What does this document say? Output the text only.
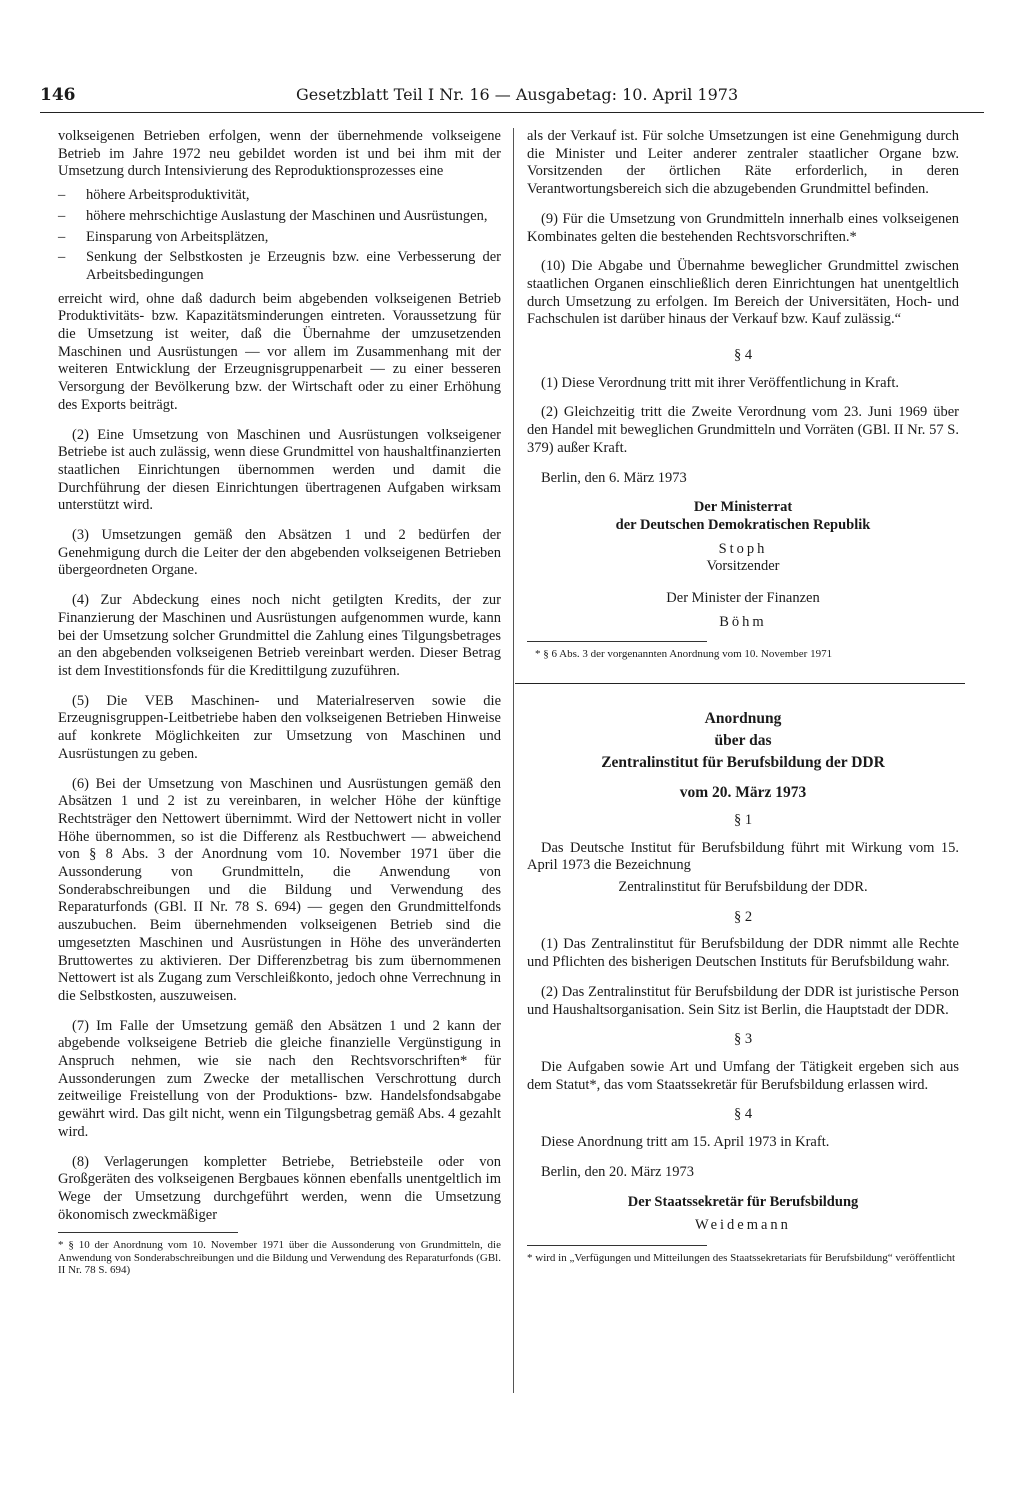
146	Gesetzblatt Teil I Nr. 16 — Ausgabetag: 10. April 1973

volkseigenen Betrieben erfolgen, wenn der übernehmende volkseigene Betrieb im Jahre 1972 neu gebildet worden ist und bei ihm mit der Umsetzung durch Intensivierung des Reproduktionsprozesses eine

– höhere Arbeitsproduktivität,
– höhere mehrschichtige Auslastung der Maschinen und Ausrüstungen,
– Einsparung von Arbeitsplätzen,
– Senkung der Selbstkosten je Erzeugnis bzw. eine Verbesserung der Arbeitsbedingungen

erreicht wird, ohne daß dadurch beim abgebenden volkseigenen Betrieb Produktivitäts- bzw. Kapazitätsminderungen eintreten. Voraussetzung für die Umsetzung ist weiter, daß die Übernahme der umzusetzenden Maschinen und Ausrüstungen — vor allem im Zusammenhang mit der weiteren Entwicklung der Erzeugnisgruppenarbeit — zu einer besseren Versorgung der Bevölkerung bzw. der Wirtschaft oder zu einer Erhöhung des Exports beiträgt.

(2) Eine Umsetzung von Maschinen und Ausrüstungen volkseigener Betriebe ist auch zulässig, wenn diese Grundmittel von haushaltfinanzierten staatlichen Einrichtungen übernommen werden und damit die Durchführung der diesen Einrichtungen übertragenen Aufgaben wirksam unterstützt wird.

(3) Umsetzungen gemäß den Absätzen 1 und 2 bedürfen der Genehmigung durch die Leiter der den abgebenden volkseigenen Betrieben übergeordneten Organe.

(4) Zur Abdeckung eines noch nicht getilgten Kredits, der zur Finanzierung der Maschinen und Ausrüstungen aufgenommen wurde, kann bei der Umsetzung solcher Grundmittel die Zahlung eines Tilgungsbetrages an den abgebenden volkseigenen Betrieb vereinbart werden. Dieser Betrag ist dem Investitionsfonds für die Kredittilgung zuzuführen.

(5) Die VEB Maschinen- und Materialreserven sowie die Erzeugnisgruppen-Leitbetriebe haben den volkseigenen Betrieben Hinweise auf konkrete Möglichkeiten zur Umsetzung von Maschinen und Ausrüstungen zu geben.

(6) Bei der Umsetzung von Maschinen und Ausrüstungen gemäß den Absätzen 1 und 2 ist zu vereinbaren, in welcher Höhe der künftige Rechtsträger den Nettowert übernimmt. Wird der Nettowert nicht in voller Höhe übernommen, so ist die Differenz als Restbuchwert — abweichend von § 8 Abs. 3 der Anordnung vom 10. November 1971 über die Aussonderung von Grundmitteln, die Anwendung von Sonderabschreibungen und die Bildung und Verwendung des Reparaturfonds (GBl. II Nr. 78 S. 694) — gegen den Grundmittelfonds auszubuchen. Beim übernehmenden volkseigenen Betrieb sind die umgesetzten Maschinen und Ausrüstungen in Höhe des unveränderten Bruttowertes zu aktivieren. Der Differenzbetrag bis zum übernommenen Nettowert ist als Zugang zum Verschleißkonto, jedoch ohne Verrechnung in die Selbstkosten, auszuweisen.

(7) Im Falle der Umsetzung gemäß den Absätzen 1 und 2 kann der abgebende volkseigene Betrieb die gleiche finanzielle Vergünstigung in Anspruch nehmen, wie sie nach den Rechtsvorschriften* für Aussonderungen zum Zwecke der metallischen Verschrottung durch zeitweilige Freistellung von der Produktions- bzw. Handelsfondsabgabe gewährt wird. Das gilt nicht, wenn ein Tilgungsbetrag gemäß Abs. 4 gezahlt wird.

(8) Verlagerungen kompletter Betriebe, Betriebsteile oder von Großgeräten des volkseigenen Bergbaues können ebenfalls unentgeltlich im Wege der Umsetzung durchgeführt werden, wenn die Umsetzung ökonomisch zweckmäßiger

* § 10 der Anordnung vom 10. November 1971 über die Aussonderung von Grundmitteln, die Anwendung von Sonderabschreibungen und die Bildung und Verwendung des Reparaturfonds (GBl. II Nr. 78 S. 694)

als der Verkauf ist. Für solche Umsetzungen ist eine Genehmigung durch die Minister und Leiter anderer zentraler staatlicher Organe bzw. Vorsitzenden der örtlichen Räte erforderlich, in deren Verantwortungsbereich sich die abzugebenden Grundmittel befinden.

(9) Für die Umsetzung von Grundmitteln innerhalb eines volkseigenen Kombinates gelten die bestehenden Rechtsvorschriften.*

(10) Die Abgabe und Übernahme beweglicher Grundmittel zwischen staatlichen Organen einschließlich deren Einrichtungen hat unentgeltlich durch Umsetzung zu erfolgen. Im Bereich der Universitäten, Hoch- und Fachschulen ist darüber hinaus der Verkauf bzw. Kauf zulässig.“

§ 4

(1) Diese Verordnung tritt mit ihrer Veröffentlichung in Kraft.

(2) Gleichzeitig tritt die Zweite Verordnung vom 23. Juni 1969 über den Handel mit beweglichen Grundmitteln und Vorräten (GBl. II Nr. 57 S. 379) außer Kraft.

Berlin, den 6. März 1973

Der Ministerrat
der Deutschen Demokratischen Republik
Stoph
Vorsitzender
Der Minister der Finanzen
Böhm
* § 6 Abs. 3 der vorgenannten Anordnung vom 10. November 1971
Anordnung
über das
Zentralinstitut für Berufsbildung der DDR
vom 20. März 1973
§ 1

Das Deutsche Institut für Berufsbildung führt mit Wirkung vom 15. April 1973 die Bezeichnung

Zentralinstitut für Berufsbildung der DDR.

§ 2

(1) Das Zentralinstitut für Berufsbildung der DDR nimmt alle Rechte und Pflichten des bisherigen Deutschen Instituts für Berufsbildung wahr.

(2) Das Zentralinstitut für Berufsbildung der DDR ist juristische Person und Haushaltsorganisation. Sein Sitz ist Berlin, die Hauptstadt der DDR.

§ 3

Die Aufgaben sowie Art und Umfang der Tätigkeit ergeben sich aus dem Statut*, das vom Staatssekretär für Berufsbildung erlassen wird.

§ 4

Diese Anordnung tritt am 15. April 1973 in Kraft.

Berlin, den 20. März 1973

Der Staatssekretär für Berufsbildung
Weidemann
* wird in „Verfügungen und Mitteilungen des Staatssekretariats für Berufsbildung“ veröffentlicht
